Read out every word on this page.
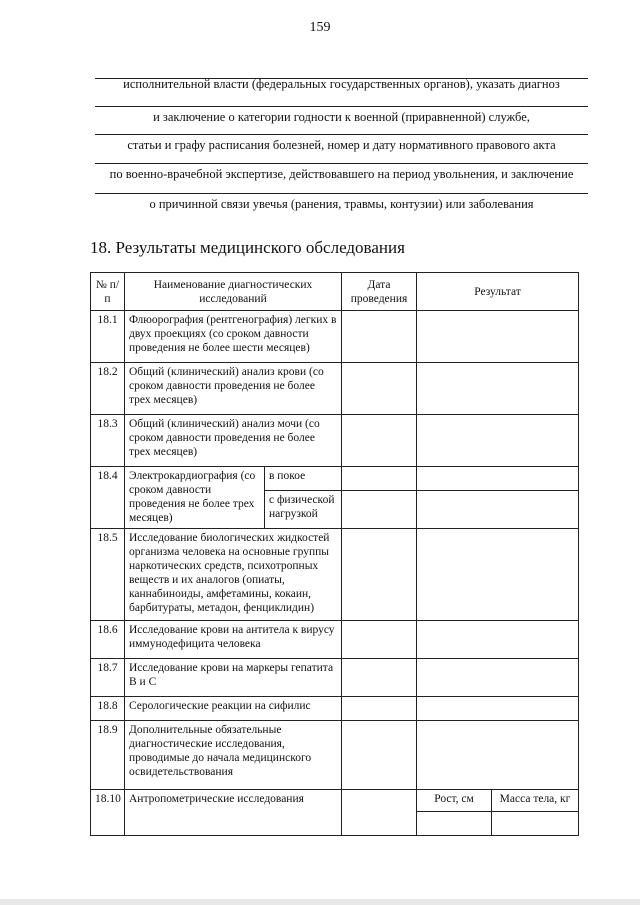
159
исполнительной власти (федеральных государственных органов), указать диагноз
и заключение о категории годности к военной (приравненной) службе,
статьи и графу расписания болезней, номер и дату нормативного правового акта
по военно-врачебной экспертизе, действовавшего на период увольнения, и заключение
о причинной связи увечья (ранения, травмы, контузии) или заболевания
18. Результаты медицинского обследования
№ п/п	Наименование диагностических исследований		Дата проведения	Результат	
18.1	Флюорография (рентгенография) легких в двух проекциях (со сроком давности проведения не более шести месяцев)				
18.2	Общий (клинический) анализ крови (со сроком давности проведения не более трех месяцев)				
18.3	Общий (клинический) анализ мочи (со сроком давности проведения не более трех месяцев)				
18.4	Электрокардиография (со сроком давности проведения не более трех месяцев)	в покое			
		с физической нагрузкой			
18.5	Исследование биологических жидкостей организма человека на основные группы наркотических средств, психотропных веществ и их аналогов (опиаты, каннабиноиды, амфетамины, кокаин, барбитураты, метадон, фенциклидин)				
18.6	Исследование крови на антитела к вирусу иммунодефицита человека				
18.7	Исследование крови на маркеры гепатита B и C				
18.8	Серологические реакции на сифилис				
18.9	Дополнительные обязательные диагностические исследования, проводимые до начала медицинского освидетельствования				
18.10	Антропометрические исследования			Рост, см	Масса тела, кг
